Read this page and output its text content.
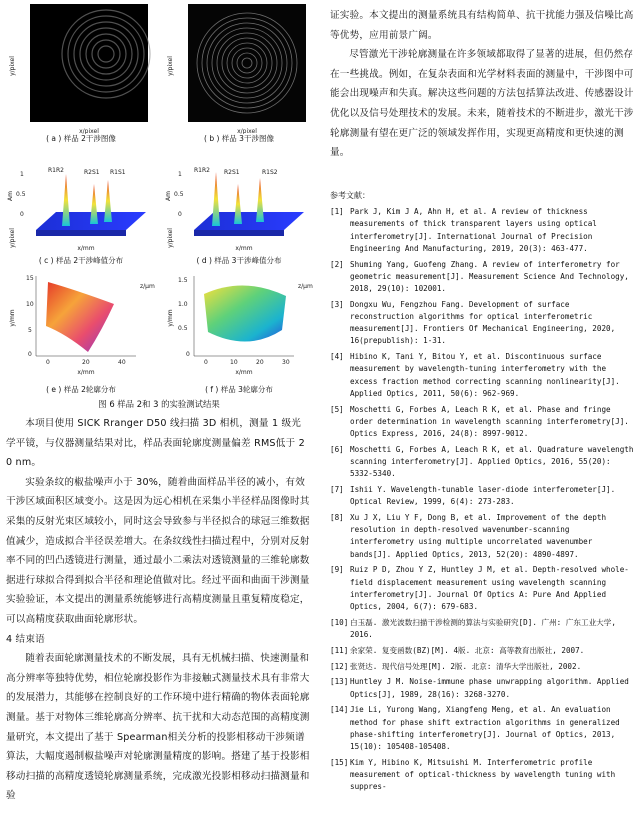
y/pixel
x/pixel
( a ) 样品 2干涉图像
y/pixel
x/pixel
( b ) 样品 3干涉图像
R1R2	R2S1 R1S1
1
0.5
0
Am
y/pixel
x/mm
( c ) 样品 2干涉峰值分布
R1R2 R2S1	R1S2
1
0.5
0
Am
y/pixel
x/mm
( d ) 样品 3干涉峰值分布
15
10
5
0
0	20	40
y/mm
x/mm
z/μm
( e ) 样品 2轮廓分布
1.5
1.0
0.5
0
0	10	20	30
y/mm
x/mm
z/μm
( f ) 样品 3轮廓分布
图 6 样品 2和 3 的实验测试结果

本项目使用 SICK Rranger D50 线扫描 3D 相机，测量 1 级光学平镜，与仪器测量结果对比，样品表面轮廓度测量偏差 RMS低于 2 0 nm。

实验条纹的椒盐噪声小于 30%，随着曲面样品半径的减小，有效干涉区域面积区域变小。这是因为远心相机在采集小半径样品图像时其采集的反射光束区域较小，同时这会导致参与半径拟合的球冠三维数据值减少，造成拟合半径误差增大。在条纹线性扫描过程中，分别对反射率不同的凹凸透镜进行测量，通过最小二乘法对透镜测量的三维轮廓数据进行球拟合得到拟合半径和理论值做对比。经过平面和曲面干涉测量实验验证，本文提出的测量系统能够进行高精度测量且重复精度稳定，可以高精度获取曲面轮廓形状。

4 结束语

随着表面轮廓测量技术的不断发展，具有无机械扫描、快速测量和高分辨率等独特优势，相位轮廓投影作为非接触式测量技术具有非常大的发展潜力，其能够在控制良好的工作环境中进行精确的物体表面轮廓测量。基于对物体三维轮廓高分辨率、抗干扰和大动态范围的高精度测量研究，本文提出了基于 Spearman相关分析的投影相移动干涉频谱算法，大幅度遏制椒盐噪声对轮廓测量精度的影响。搭建了基于投影相移动扫描的高精度透镜轮廓测量系统，完成激光投影相移动扫描测量和验

证实验。本文提出的测量系统具有结构简单、抗干扰能力强及信噪比高等优势，应用前景广阔。

尽管激光干涉轮廓测量在许多领域都取得了显著的进展，但仍然存在一些挑战。例如，在复杂表面和光学材料表面的测量中，干涉图中可能会出现噪声和失真。解决这些问题的方法包括算法改进、传感器设计优化以及信号处理技术的发展。未来，随着技术的不断进步，激光干涉轮廓测量有望在更广泛的领域发挥作用，实现更高精度和更快速的测量。

参考文献：
[1] Park J, Kim J A, Ahn H, et al. A review of thickness measurements of thick transparent layers using optical interferometry[J]. International Journal of Precision Engineering And Manufacturing, 2019, 20(3): 463-477.
[2] Shuming Yang, Guofeng Zhang. A review of interferometry for geometric measurement[J]. Measurement Science And Technology, 2018, 29(10): 102001.
[3] Dongxu Wu, Fengzhou Fang. Development of surface reconstruction algorithms for optical interferometric measurement[J]. Frontiers Of Mechanical Engineering, 2020, 16(prepublish): 1-31.
[4] Hibino K, Tani Y, Bitou Y, et al. Discontinuous surface measurement by wavelength-tuning interferometry with the excess fraction method correcting scanning nonlinearity[J]. Applied Optics, 2011, 50(6): 962-969.
[5] Moschetti G, Forbes A, Leach R K, et al. Phase and fringe order determination in wavelength scanning interferometry[J]. Optics Express, 2016, 24(8): 8997-9012.
[6] Moschetti G, Forbes A, Leach R K, et al. Quadrature wavelength scanning interferometry[J]. Applied Optics, 2016, 55(20): 5332-5340.
[7] Ishii Y. Wavelength-tunable laser-diode interferometer[J]. Optical Review, 1999, 6(4): 273-283.
[8] Xu J X, Liu Y F, Dong B, et al. Improvement of the depth resolution in depth-resolved wavenumber-scanning interferometry using multiple uncorrelated wavenumber bands[J]. Applied Optics, 2013, 52(20): 4890-4897.
[9] Ruiz P D, Zhou Y Z, Huntley J M, et al. Depth-resolved whole-field displacement measurement using wavelength scanning interferometry[J]. Journal Of Optics A: Pure And Applied Optics, 2004, 6(7): 679-683.
[10] 白玉磊. 激光波数扫描干涉检测的算法与实验研究[D]. 广州: 广东工业大学, 2016.
[11] 余家荣. 复变函数(BZ)[M]. 4版. 北京: 高等教育出版社, 2007.
[12] 张贤达. 现代信号处理[M]. 2版. 北京: 清华大学出版社, 2002.
[13] Huntley J M. Noise-immune phase unwrapping algorithm. Applied Optics[J], 1989, 28(16): 3268-3270.
[14] Jie Li, Yurong Wang, Xiangfeng Meng, et al. An evaluation method for phase shift extraction algorithms in generalized phase-shifting interferometry[J]. Journal of Optics, 2013, 15(10): 105408-105408.
[15] Kim Y, Hibino K, Mitsuishi M. Interferometric profile measurement of optical-thickness by wavelength tuning with suppres-
